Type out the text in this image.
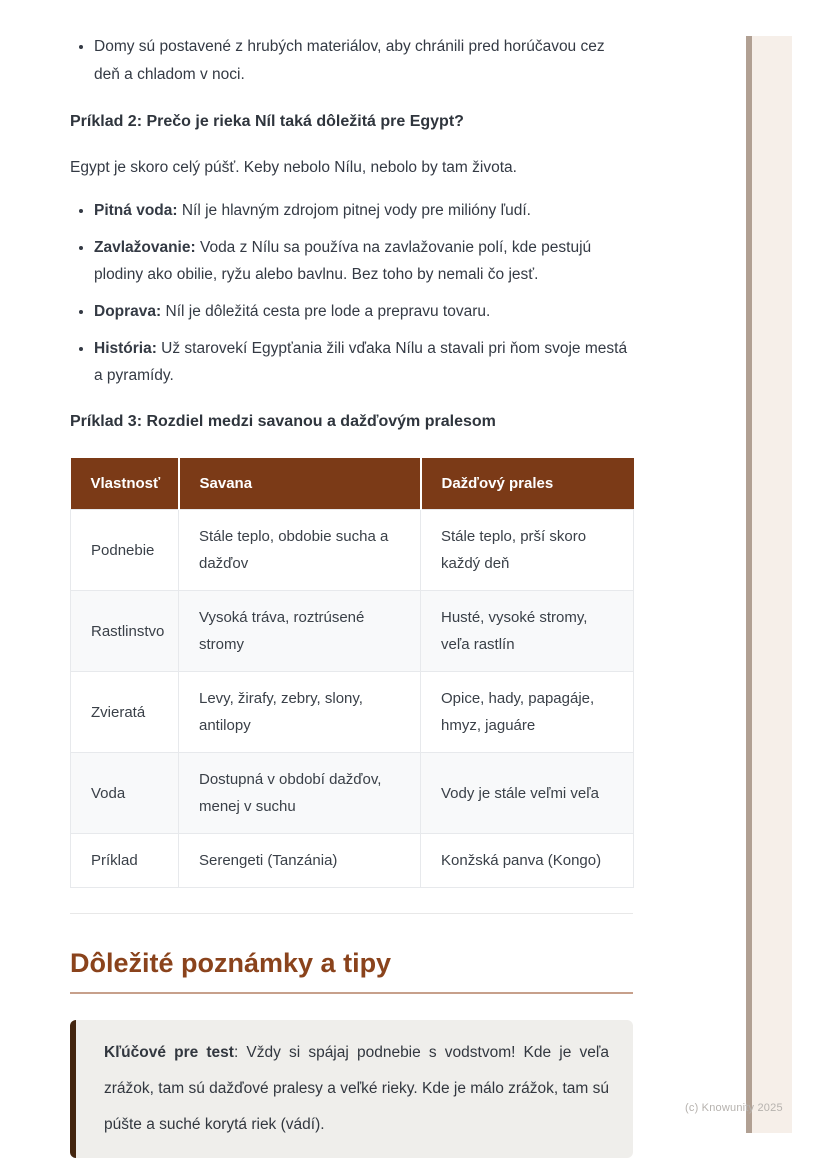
• Domy sú postavené z hrubých materiálov, aby chránili pred horúčavou cez deň a chladom v noci.
Príklad 2: Prečo je rieka Níl taká dôležitá pre Egypt?

Egypt je skoro celý púšť. Keby nebolo Nílu, nebolo by tam života.

• Pitná voda: Níl je hlavným zdrojom pitnej vody pre milióny ľudí.
• Zavlažovanie: Voda z Nílu sa používa na zavlažovanie polí, kde pestujú plodiny ako obilie, ryžu alebo bavlnu. Bez toho by nemali čo jesť.
• Doprava: Níl je dôležitá cesta pre lode a prepravu tovaru.
• História: Už starovekí Egypťania žili vďaka Nílu a stavali pri ňom svoje mestá a pyramídy.
Príklad 3: Rozdiel medzi savanou a dažďovým pralesom
Vlastnosť	Savana	Dažďový prales
Podnebie	Stále teplo, obdobie sucha a dažďov	Stále teplo, prší skoro každý deň
Rastlinstvo	Vysoká tráva, roztrúsené stromy	Husté, vysoké stromy, veľa rastlín
Zvieratá	Levy, žirafy, zebry, slony, antilopy	Opice, hady, papagáje, hmyz, jaguáre
Voda	Dostupná v období dažďov, menej v suchu	Vody je stále veľmi veľa
Príklad	Serengeti (Tanzánia)	Konžská panva (Kongo)
Dôležité poznámky a tipy
Kľúčové pre test: Vždy si spájaj podnebie s vodstvom! Kde je veľa zrážok, tam sú dažďové pralesy a veľké rieky. Kde je málo zrážok, tam sú púšte a suché korytá riek (vádí).
(c) Knowunity 2025
